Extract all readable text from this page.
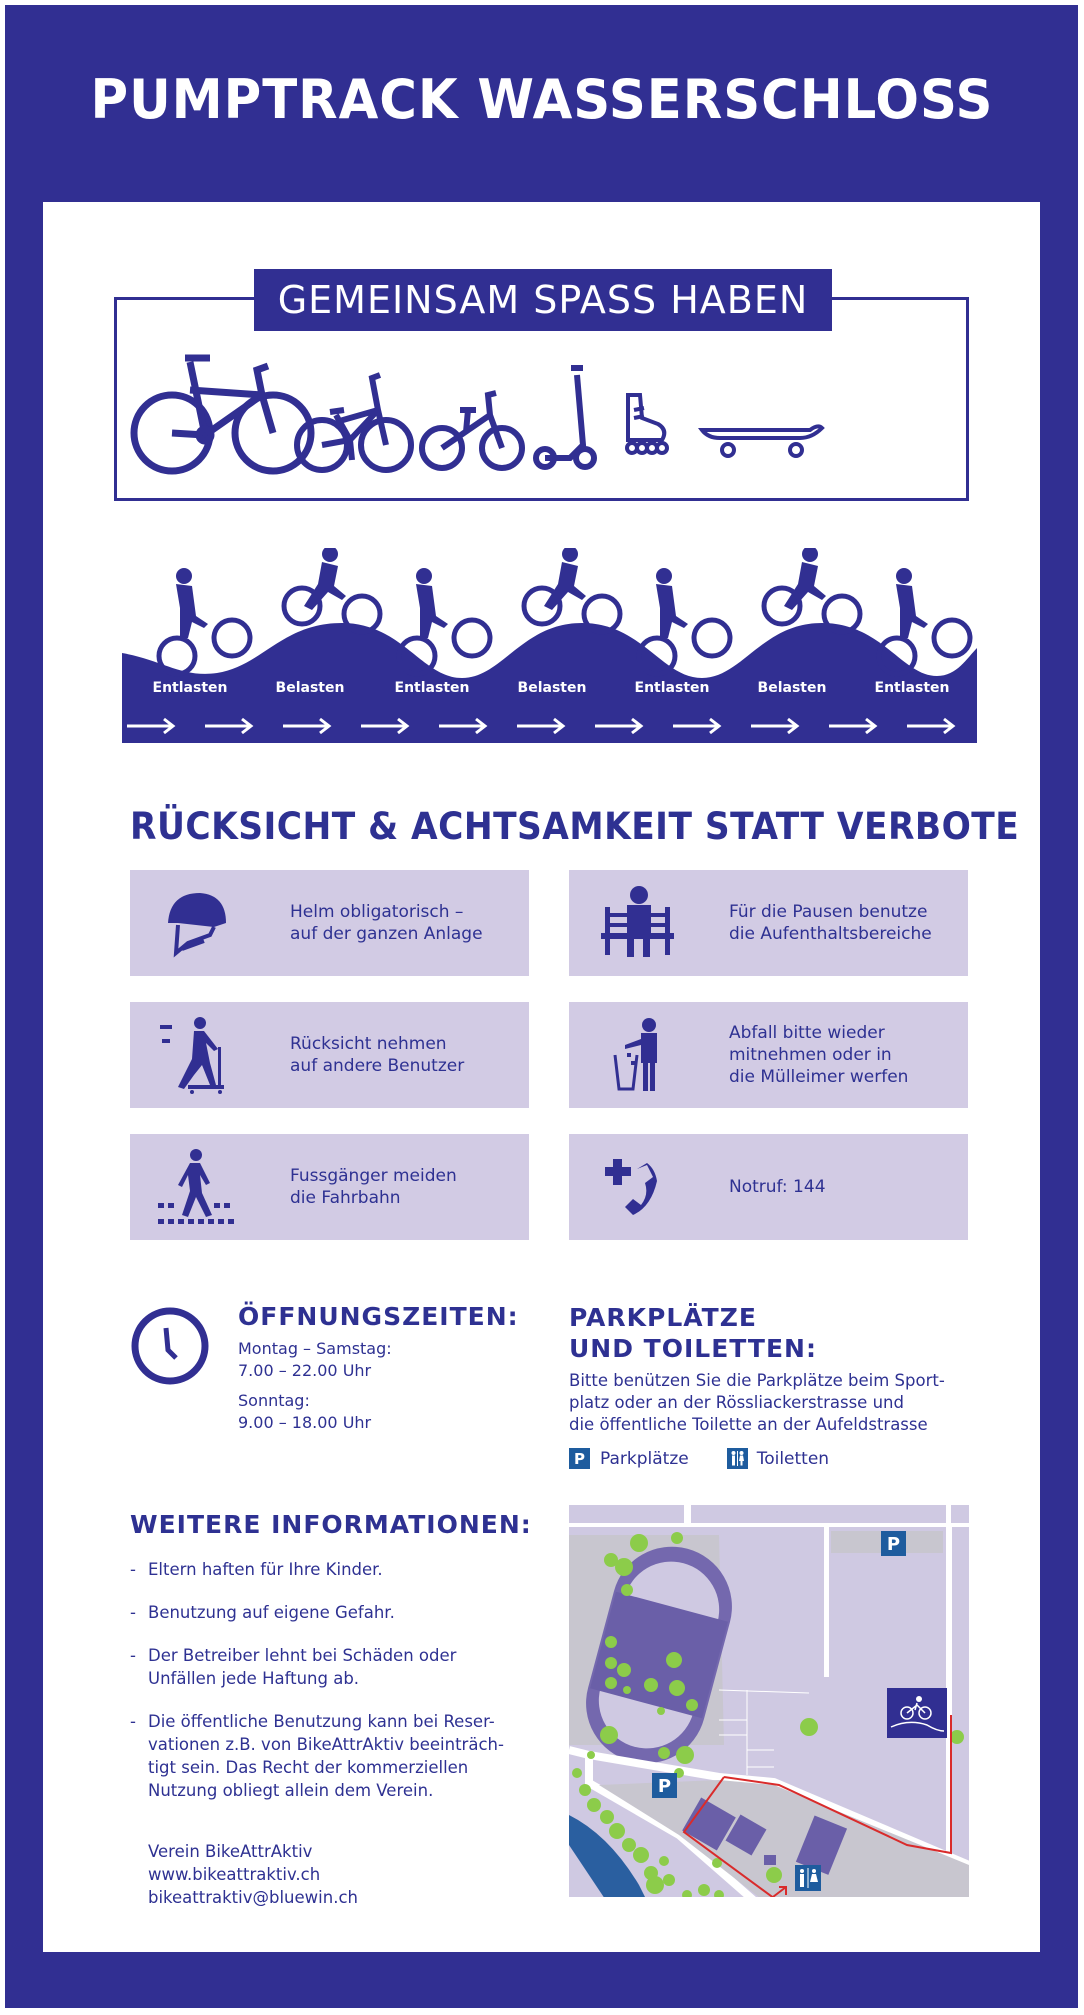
PUMPTRACK WASSERSCHLOSS
GEMEINSAM SPASS HABEN
Entlasten	Belasten	Entlasten	Belasten	Entlasten	Belasten	Entlasten
RÜCKSICHT & ACHTSAMKEIT STATT VERBOTE
Helm obligatorisch –
auf der ganzen Anlage
Für die Pausen benutze
die Aufenthaltsbereiche
Rücksicht nehmen
auf andere Benutzer
Abfall bitte wieder
mitnehmen oder in
die Mülleimer werfen
Fussgänger meiden
die Fahrbahn
Notruf: 144
ÖFFNUNGSZEITEN:
Montag – Samstag:
7.00 – 22.00 Uhr
Sonntag:
9.00 – 18.00 Uhr
PARKPLÄTZE
UND TOILETTEN:
Bitte benützen Sie die Parkplätze beim Sport-
platz oder an der Rössliackerstrasse und
die öffentliche Toilette an der Aufeldstrasse
P Parkplätze	Toiletten
WEITERE INFORMATIONEN:
- Eltern haften für Ihre Kinder.
- Benutzung auf eigene Gefahr.
- Der Betreiber lehnt bei Schäden oder
Unfällen jede Haftung ab.
- Die öffentliche Benutzung kann bei Reser-
vationen z.B. von BikeAttrAktiv beeinträch-
tigt sein. Das Recht der kommerziellen
Nutzung obliegt allein dem Verein.
Verein BikeAttrAktiv
www.bikeattraktiv.ch
bikeattraktiv@bluewin.ch
P
P
